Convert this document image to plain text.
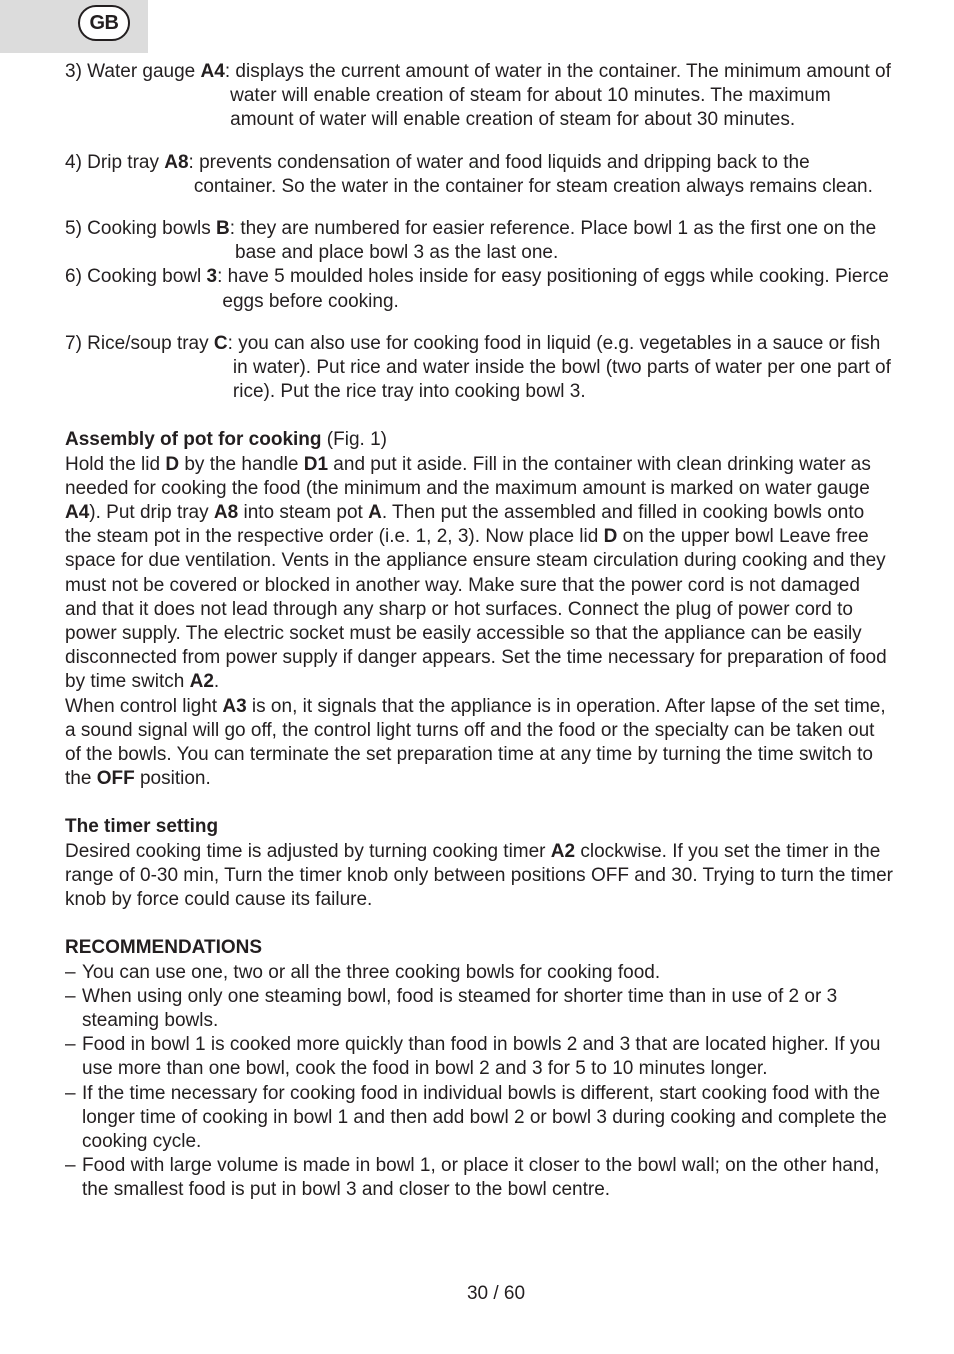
GB
3) Water gauge A4: displays the current amount of water in the container. The minimum amount of water will enable creation of steam for about 10 minutes. The maximum amount of water will enable creation of steam for about 30 minutes.
4) Drip tray A8: prevents condensation of water and food liquids and dripping back to the container. So the water in the container for steam creation always remains clean.
5) Cooking bowls B: they are numbered for easier reference. Place bowl 1 as the first one on the base and place bowl 3 as the last one.
6) Cooking bowl 3: have 5 moulded holes inside for easy positioning of eggs while cooking. Pierce eggs before cooking.
7) Rice/soup tray C: you can also use for cooking food in liquid (e.g. vegetables in a sauce or fish in water). Put rice and water inside the bowl (two parts of water per one part of rice). Put the rice tray into cooking bowl 3.

Assembly of pot for cooking (Fig. 1)

Hold the lid D by the handle D1 and put it aside. Fill in the container with clean drinking water as needed for cooking the food (the minimum and the maximum amount is marked on water gauge A4). Put drip tray A8 into steam pot A. Then put the assembled and filled in cooking bowls onto the steam pot in the respective order (i.e. 1, 2, 3). Now place lid D on the upper bowl Leave free space for due ventilation. Vents in the appliance ensure steam circulation during cooking and they must not be covered or blocked in another way. Make sure that the power cord is not damaged and that it does not lead through any sharp or hot surfaces. Connect the plug of power cord to power supply. The electric socket must be easily accessible so that the appliance can be easily disconnected from power supply if danger appears. Set the time necessary for preparation of food by time switch A2.

When control light A3 is on, it signals that the appliance is in operation. After lapse of the set time, a sound signal will go off, the control light turns off and the food or the specialty can be taken out of the bowls. You can terminate the set preparation time at any time by turning the time switch to the OFF position.

The timer setting

Desired cooking time is adjusted by turning cooking timer A2 clockwise. If you set the timer in the range of 0-30 min, Turn the timer knob only between positions OFF and 30. Trying to turn the timer knob by force could cause its failure.

RECOMMENDATIONS

– You can use one, two or all the three cooking bowls for cooking food.
– When using only one steaming bowl, food is steamed for shorter time than in use of 2 or 3 steaming bowls.
– Food in bowl 1 is cooked more quickly than food in bowls 2 and 3 that are located higher. If you use more than one bowl, cook the food in bowl 2 and 3 for 5 to 10 minutes longer.
– If the time necessary for cooking food in individual bowls is different, start cooking food with the longer time of cooking in bowl 1 and then add bowl 2 or bowl 3 during cooking and complete the cooking cycle.
– Food with large volume is made in bowl 1, or place it closer to the bowl wall; on the other hand, the smallest food is put in bowl 3 and closer to the bowl centre.
30 / 60
